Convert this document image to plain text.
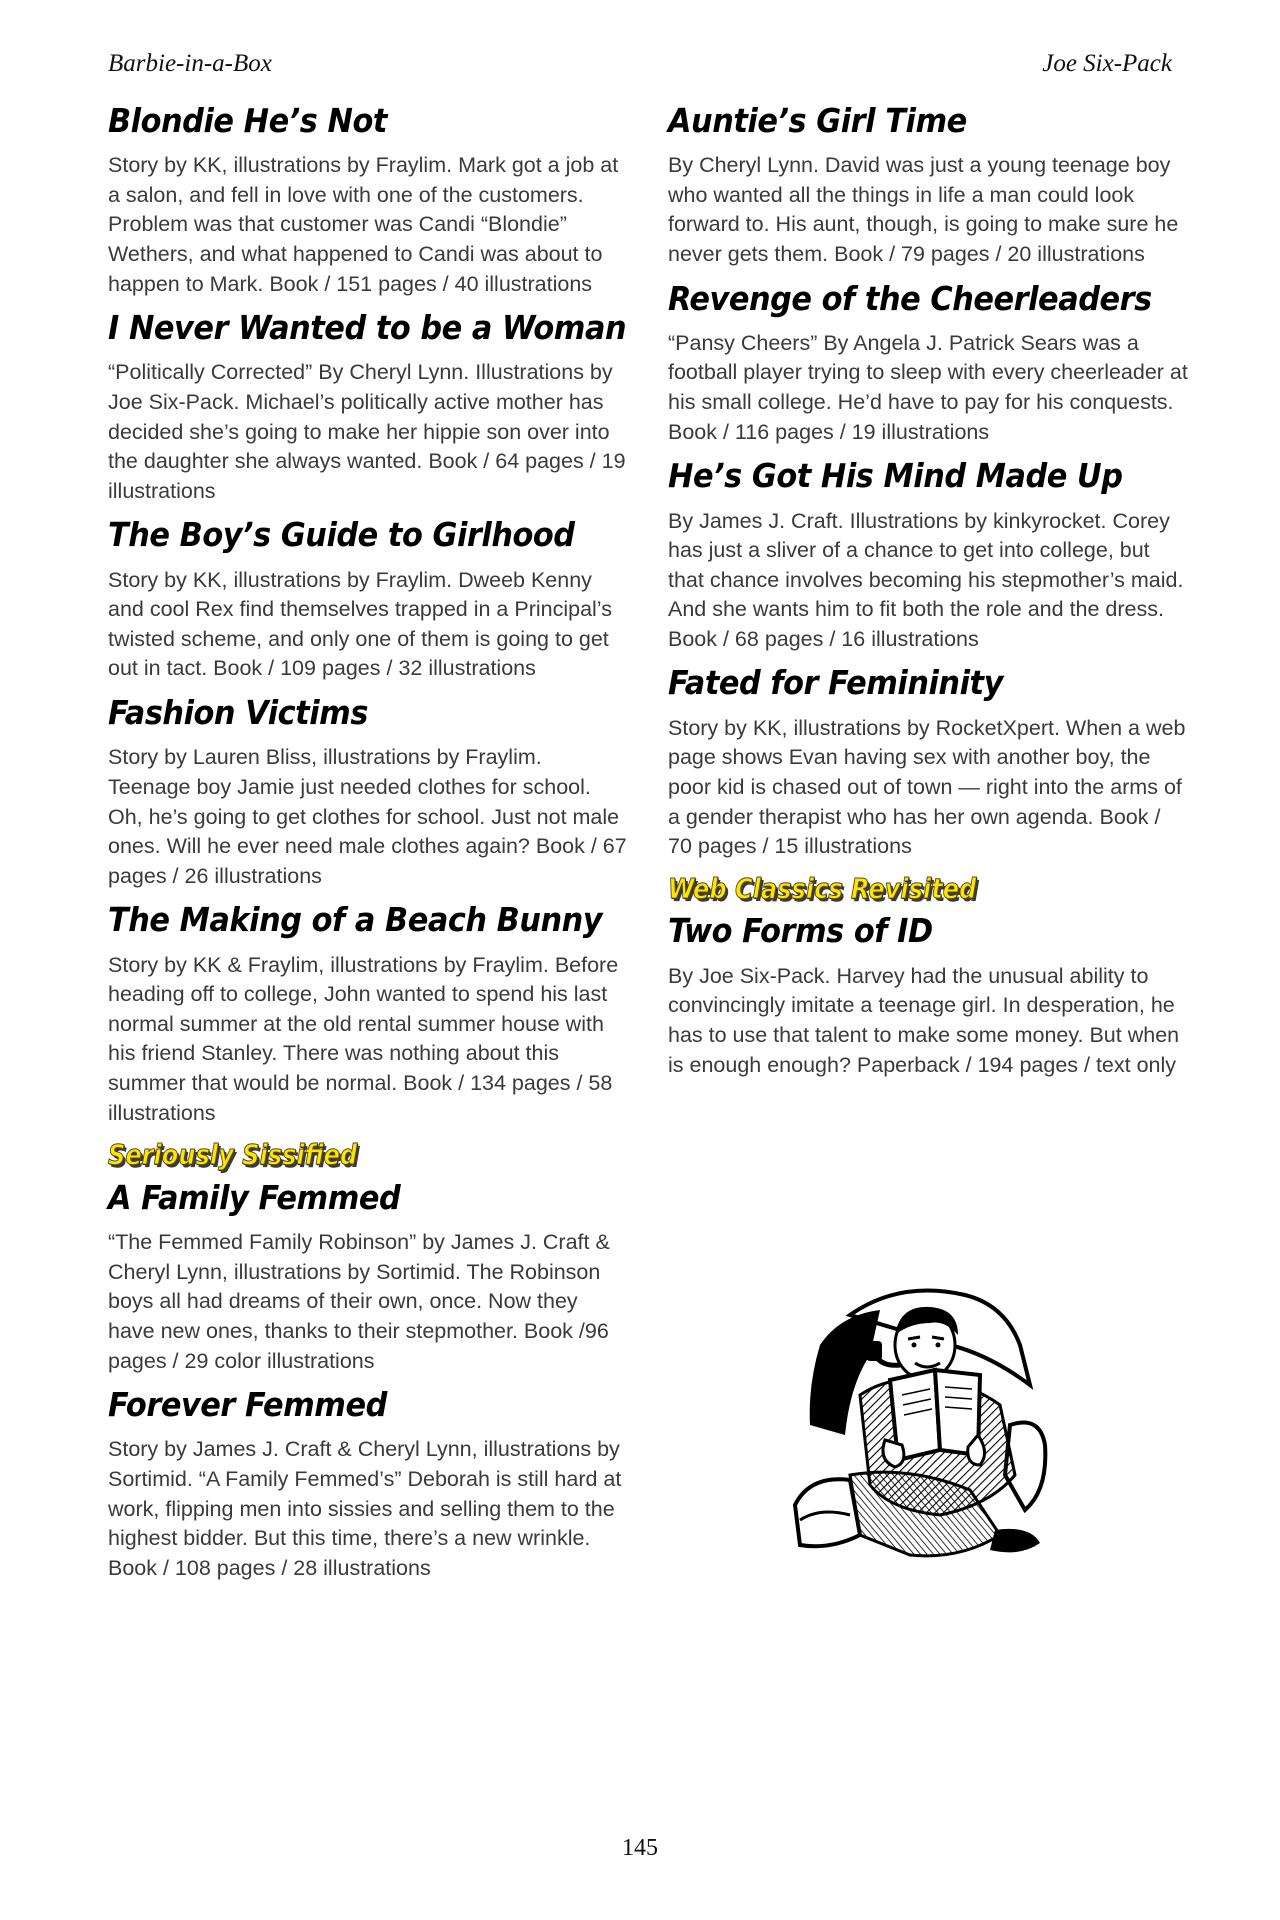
Barbie-in-a-Box	Joe Six-Pack
Blondie He’s Not
Story by KK, illustrations by Fraylim. Mark got a job at a salon, and fell in love with one of the customers. Problem was that customer was Candi “Blondie” Wethers, and what happened to Candi was about to happen to Mark. Book / 151 pages / 40 illustrations
I Never Wanted to be a Woman
“Politically Corrected” By Cheryl Lynn. Illustrations by Joe Six-Pack. Michael’s politically active mother has decided she’s going to make her hippie son over into the daughter she always wanted. Book / 64 pages / 19 illustrations
The Boy’s Guide to Girlhood
Story by KK, illustrations by Fraylim. Dweeb Kenny and cool Rex find themselves trapped in a Principal’s twisted scheme, and only one of them is going to get out in tact. Book / 109 pages / 32 illustrations
Fashion Victims
Story by Lauren Bliss, illustrations by Fraylim. Teenage boy Jamie just needed clothes for school. Oh, he’s going to get clothes for school. Just not male ones. Will he ever need male clothes again? Book / 67 pages / 26 illustrations
The Making of a Beach Bunny
Story by KK & Fraylim, illustrations by Fraylim. Before heading off to college, John wanted to spend his last normal summer at the old rental summer house with his friend Stanley. There was nothing about this summer that would be normal. Book / 134 pages / 58 illustrations
Seriously Sissified
A Family Femmed
“The Femmed Family Robinson” by James J. Craft & Cheryl Lynn, illustrations by Sortimid. The Robinson boys all had dreams of their own, once. Now they have new ones, thanks to their stepmother. Book /96 pages / 29 color illustrations
Forever Femmed
Story by James J. Craft & Cheryl Lynn, illustrations by Sortimid. “A Family Femmed’s” Deborah is still hard at work, flipping men into sissies and selling them to the highest bidder. But this time, there’s a new wrinkle. Book / 108 pages / 28 illustrations
Auntie’s Girl Time
By Cheryl Lynn. David was just a young teenage boy who wanted all the things in life a man could look forward to. His aunt, though, is going to make sure he never gets them. Book / 79 pages / 20 illustrations
Revenge of the Cheerleaders
“Pansy Cheers” By Angela J. Patrick Sears was a football player trying to sleep with every cheerleader at his small college. He’d have to pay for his conquests. Book / 116 pages / 19 illustrations
He’s Got His Mind Made Up
By James J. Craft. Illustrations by kinkyrocket. Corey has just a sliver of a chance to get into college, but that chance involves becoming his stepmother’s maid. And she wants him to fit both the role and the dress. Book / 68 pages / 16 illustrations
Fated for Femininity
Story by KK, illustrations by RocketXpert. When a web page shows Evan having sex with another boy, the poor kid is chased out of town — right into the arms of a gender therapist who has her own agenda. Book / 70 pages / 15 illustrations
Web Classics Revisited
Two Forms of ID
By Joe Six-Pack. Harvey had the unusual ability to convincingly imitate a teenage girl. In desperation, he has to use that talent to make some money. But when is enough enough? Paperback / 194 pages / text only
145
